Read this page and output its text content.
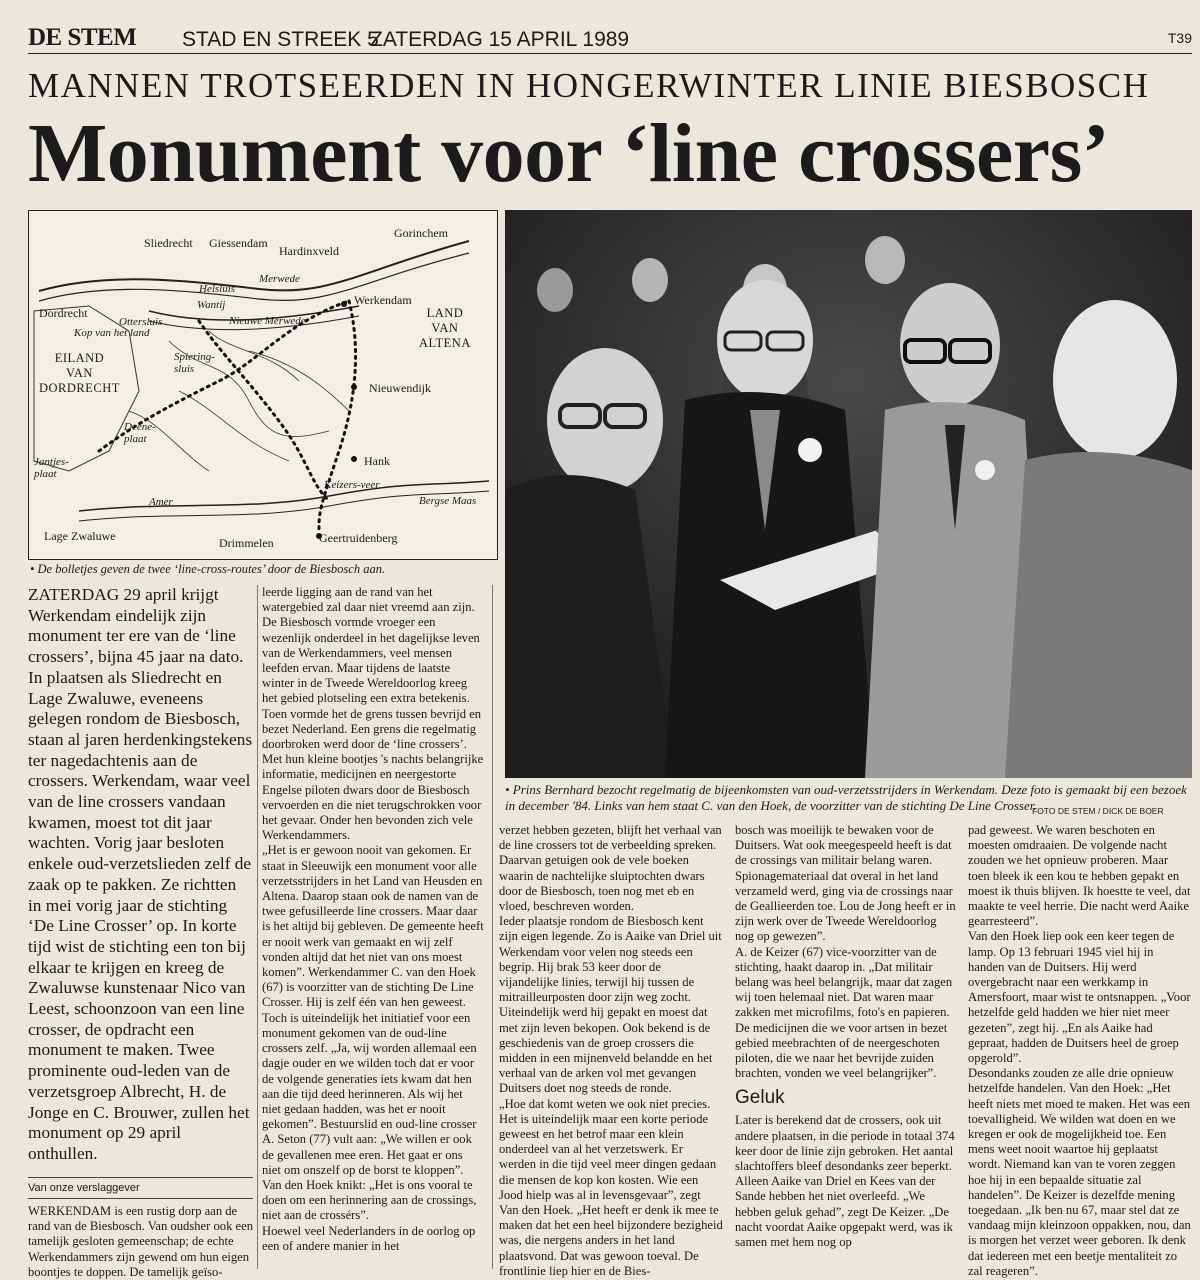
DE STEM STAD EN STREEK 5
ZATERDAG 15 APRIL 1989	T39
MANNEN TROTSEERDEN IN HONGERWINTER LINIE BIESBOSCH
Monument voor ‘line crossers’
Sliedrecht Giessendam
Hardinxveld
Gorinchem
Merwede
Helsluis
Wantij	Werkendam
Dordrecht
Ottersluis
Kop van het land
Nieuwe Merwede
LAND
VAN
ALTENA
EILAND
VAN
DORDRECHT
Spiering-
sluis
Nieuwendijk
Deene-
plaat
Jantjes-
plaat
Hank
Amer
Keizers-veer
Bergse Maas
Lage Zwaluwe	Drimmelen	Geertruidenberg
• De bolletjes geven de twee ‘line-cross-routes’ door de Biesbosch aan.
• Prins Bernhard bezocht regelmatig de bijeenkomsten van oud-verzetsstrijders in Werkendam. Deze foto is gemaakt bij een bezoek in december '84. Links van hem staat C. van den Hoek, de voorzitter van de stichting De Line Crosser.
FOTO DE STEM / DICK DE BOER
ZATERDAG 29 april krijgt Werkendam eindelijk zijn monument ter ere van de ‘line crossers’, bijna 45 jaar na dato. In plaatsen als Sliedrecht en Lage Zwaluwe, eveneens gelegen rondom de Biesbosch, staan al jaren herdenkingstekens ter nagedachtenis aan de crossers. Werkendam, waar veel van de line crossers vandaan kwamen, moest tot dit jaar wachten. Vorig jaar besloten enkele oud-verzetslieden zelf de zaak op te pakken. Ze richtten in mei vorig jaar de stichting ‘De Line Crosser’ op. In korte tijd wist de stichting een ton bij elkaar te krijgen en kreeg de Zwaluwse kunstenaar Nico van Leest, schoonzoon van een line crosser, de opdracht een monument te maken. Twee prominente oud-leden van de verzetsgroep Albrecht, H. de Jonge en C. Brouwer, zullen het monument op 29 april onthullen.
Van onze verslaggever
WERKENDAM is een rustig dorp aan de rand van de Biesbosch. Van oudsher ook een tamelijk gesloten gemeenschap; de echte Werkendammers zijn gewend om hun eigen boontjes te doppen. De tamelijk geïso-

leerde ligging aan de rand van het watergebied zal daar niet vreemd aan zijn.

De Biesbosch vormde vroeger een wezenlijk onderdeel in het dagelijkse leven van de Werkendammers, veel mensen leefden ervan. Maar tijdens de laatste winter in de Tweede Wereldoorlog kreeg het gebied plotseling een extra betekenis. Toen vormde het de grens tussen bevrijd en bezet Nederland. Een grens die regelmatig doorbroken werd door de ‘line crossers’. Met hun kleine bootjes 's nachts belangrijke informatie, medicijnen en neergestorte Engelse piloten dwars door de Biesbosch vervoerden en die niet terugschrokken voor het gevaar. Onder hen bevonden zich vele Werkendammers.

„Het is er gewoon nooit van gekomen. Er staat in Sleeuwijk een monument voor alle verzetsstrijders in het Land van Heusden en Altena. Daarop staan ook de namen van de twee gefusilleerde line crossers. Maar daar is het altijd bij gebleven. De gemeente heeft er nooit werk van gemaakt en wij zelf vonden altijd dat het niet van ons moest komen”. Werkendammer C. van den Hoek (67) is voorzitter van de stichting De Line Crosser. Hij is zelf één van hen geweest.

Toch is uiteindelijk het initiatief voor een monument gekomen van de oud-line crossers zelf. „Ja, wij worden allemaal een dagje ouder en we wilden toch dat er voor de volgende generaties iets kwam dat hen aan die tijd deed herinneren. Als wij het niet gedaan hadden, was het er nooit gekomen”. Bestuurslid en oud-line crosser A. Seton (77) vult aan: „We willen er ook de gevallenen mee eren. Het gaat er ons niet om onszelf op de borst te kloppen”. Van den Hoek knikt: „Het is ons vooral te doen om een herinnering aan de crossings, niet aan de crossérs”.

Hoewel veel Nederlanders in de oorlog op een of andere manier in het

verzet hebben gezeten, blijft het verhaal van de line crossers tot de verbeelding spreken. Daarvan getuigen ook de vele boeken waarin de nachtelijke sluiptochten dwars door de Biesbosch, toen nog met eb en vloed, beschreven worden.

Ieder plaatsje rondom de Biesbosch kent zijn eigen legende. Zo is Aaike van Driel uit Werkendam voor velen nog steeds een begrip. Hij brak 53 keer door de vijandelijke linies, terwijl hij tussen de mitrailleurposten door zijn weg zocht. Uiteindelijk werd hij gepakt en moest dat met zijn leven bekopen. Ook bekend is de geschiedenis van de groep crossers die midden in een mijnenveld belandde en het verhaal van de arken vol met gevangen Duitsers doet nog steeds de ronde.

„Hoe dat komt weten we ook niet precies. Het is uiteindelijk maar een korte periode geweest en het betrof maar een klein onderdeel van al het verzetswerk. Er werden in die tijd veel meer dingen gedaan die mensen de kop kon kosten. Wie een Jood hielp was al in levensgevaar”, zegt Van den Hoek. „Het heeft er denk ik mee te maken dat het een heel bijzondere bezigheid was, die nergens anders in het land plaatsvond. Dat was gewoon toeval. De frontlinie liep hier en de Bies-

bosch was moeilijk te bewaken voor de Duitsers. Wat ook meegespeeld heeft is dat de crossings van militair belang waren. Spionagemateriaal dat overal in het land verzameld werd, ging via de crossings naar de Geallieerden toe. Lou de Jong heeft er in zijn werk over de Tweede Wereldoorlog nog op gewezen”.

A. de Keizer (67) vice-voorzitter van de stichting, haakt daarop in. „Dat militair belang was heel belangrijk, maar dat zagen wij toen helemaal niet. Dat waren maar zakken met microfilms, foto's en papieren. De medicijnen die we voor artsen in bezet gebied meebrachten of de neergeschoten piloten, die we naar het bevrijde zuiden brachten, vonden we veel belangrijker”.

Geluk

Later is berekend dat de crossers, ook uit andere plaatsen, in die periode in totaal 374 keer door de linie zijn gebroken. Het aantal slachtoffers bleef desondanks zeer beperkt. Alleen Aaike van Driel en Kees van der Sande hebben het niet overleefd. „We hebben geluk gehad”, zegt De Keizer. „De nacht voordat Aaike opgepakt werd, was ik samen met hem nog op

pad geweest. We waren beschoten en moesten omdraaien. De volgende nacht zouden we het opnieuw proberen. Maar toen bleek ik een kou te hebben gepakt en moest ik thuis blijven. Ik hoestte te veel, dat maakte te veel herrie. Die nacht werd Aaike gearresteerd”.

Van den Hoek liep ook een keer tegen de lamp. Op 13 februari 1945 viel hij in handen van de Duitsers. Hij werd overgebracht naar een werkkamp in Amersfoort, maar wist te ontsnappen. „Voor hetzelfde geld hadden we hier niet meer gezeten”, zegt hij. „En als Aaike had gepraat, hadden de Duitsers heel de groep opgerold”.

Desondanks zouden ze alle drie opnieuw hetzelfde handelen. Van den Hoek: „Het heeft niets met moed te maken. Het was een toevalligheid. We wilden wat doen en we kregen er ook de mogelijkheid toe. Een mens weet nooit waartoe hij geplaatst wordt. Niemand kan van te voren zeggen hoe hij in een bepaalde situatie zal handelen”. De Keizer is dezelfde mening toegedaan. „Ik ben nu 67, maar stel dat ze vandaag mijn kleinzoon oppakken, nou, dan is morgen het verzet weer geboren. Ik denk dat iedereen met een beetje mentaliteit zo zal reageren”.
